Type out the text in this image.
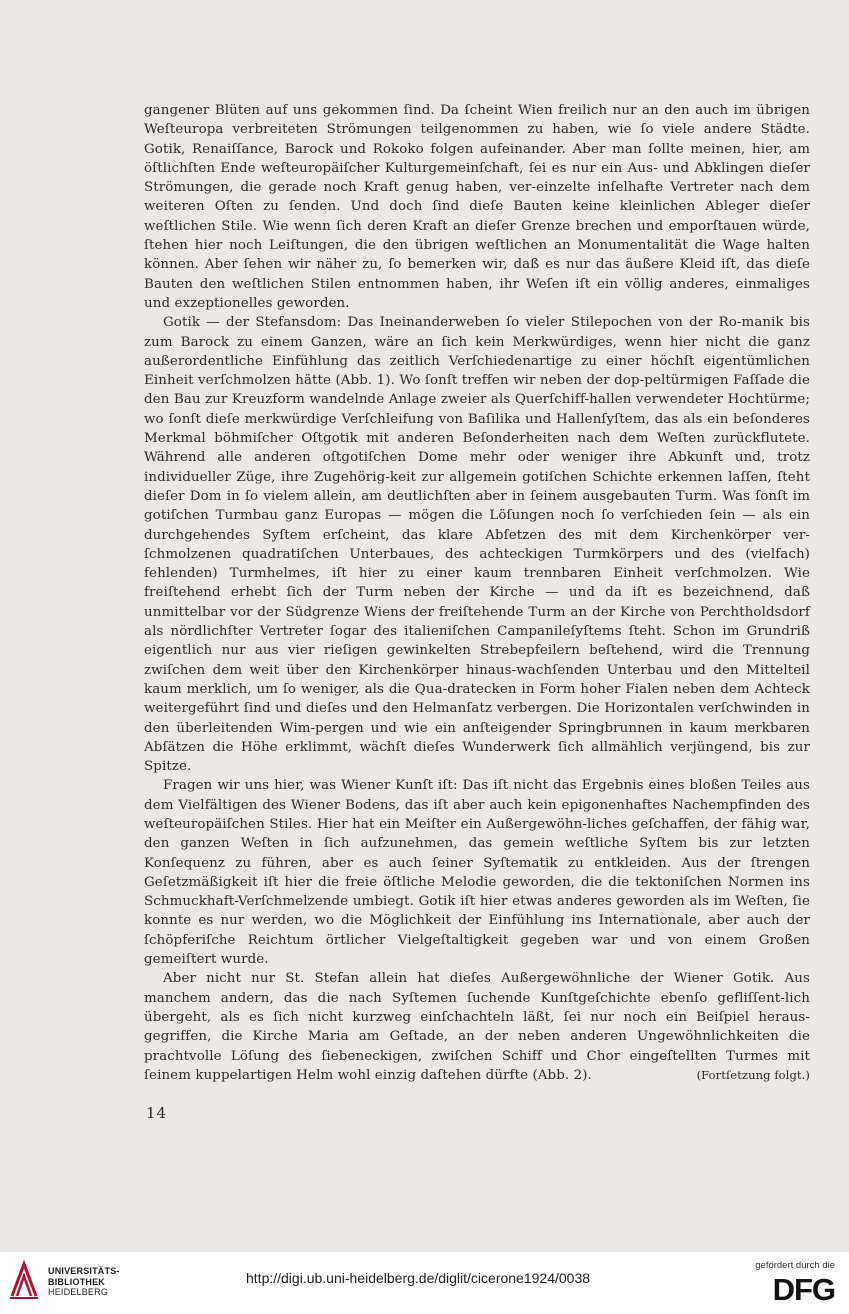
gangener Blüten auf uns gekommen ſind. Da ſcheint Wien freilich nur an den auch im übrigen Weſteuropa verbreiteten Strömungen teilgenommen zu haben, wie ſo viele andere Städte. Gotik, Renaiſſance, Barock und Rokoko folgen aufeinander. Aber man ſollte meinen, hier, am öſtlichſten Ende weſteuropäiſcher Kulturgemeinſchaft, ſei es nur ein Aus- und Abklingen dieſer Strömungen, die gerade noch Kraft genug haben, ver-einzelte inſelhafte Vertreter nach dem weiteren Oſten zu ſenden. Und doch ſind dieſe Bauten keine kleinlichen Ableger dieſer weſtlichen Stile. Wie wenn ſich deren Kraft an dieſer Grenze brechen und emporſtauen würde, ſtehen hier noch Leiſtungen, die den übrigen weſtlichen an Monumentalität die Wage halten können. Aber ſehen wir näher zu, ſo bemerken wir, daß es nur das äußere Kleid iſt, das dieſe Bauten den weſtlichen Stilen entnommen haben, ihr Weſen iſt ein völlig anderes, einmaliges und exzeptionelles geworden.

Gotik — der Stefansdom: Das Ineinanderweben ſo vieler Stilepochen von der Ro-manik bis zum Barock zu einem Ganzen, wäre an ſich kein Merkwürdiges, wenn hier nicht die ganz außerordentliche Einfühlung das zeitlich Verſchiedenartige zu einer höchſt eigentümlichen Einheit verſchmolzen hätte (Abb. 1). Wo ſonſt treffen wir neben der dop-peltürmigen Faſſade die den Bau zur Kreuzform wandelnde Anlage zweier als Querſchiff-hallen verwendeter Hochtürme; wo ſonſt dieſe merkwürdige Verſchleifung von Baſilika und Hallenſyſtem, das als ein beſonderes Merkmal böhmiſcher Oſtgotik mit anderen Beſonderheiten nach dem Weſten zurückflutete. Während alle anderen oſtgotiſchen Dome mehr oder weniger ihre Abkunft und, trotz individueller Züge, ihre Zugehörig-keit zur allgemein gotiſchen Schichte erkennen laſſen, ſteht dieſer Dom in ſo vielem allein, am deutlichſten aber in ſeinem ausgebauten Turm. Was ſonſt im gotiſchen Turmbau ganz Europas — mögen die Löſungen noch ſo verſchieden ſein — als ein durchgehendes Syſtem erſcheint, das klare Abſetzen des mit dem Kirchenkörper ver-ſchmolzenen quadratiſchen Unterbaues, des achteckigen Turmkörpers und des (vielfach) fehlenden) Turmhelmes, iſt hier zu einer kaum trennbaren Einheit verſchmolzen. Wie freiſtehend erhebt ſich der Turm neben der Kirche — und da iſt es bezeichnend, daß unmittelbar vor der Südgrenze Wiens der freiſtehende Turm an der Kirche von Perchtholdsdorf als nördlichſter Vertreter ſogar des italieniſchen Campanileſyſtems ſteht. Schon im Grundriß eigentlich nur aus vier rieſigen gewinkelten Strebepfeilern beſtehend, wird die Trennung zwiſchen dem weit über den Kirchenkörper hinaus-wachſenden Unterbau und den Mittelteil kaum merklich, um ſo weniger, als die Qua-dratecken in Form hoher Fialen neben dem Achteck weitergeführt ſind und dieſes und den Helmanſatz verbergen. Die Horizontalen verſchwinden in den überleitenden Wim-pergen und wie ein anſteigender Springbrunnen in kaum merkbaren Abſätzen die Höhe erklimmt, wächſt dieſes Wunderwerk ſich allmählich verjüngend, bis zur Spitze.

Fragen wir uns hier, was Wiener Kunſt iſt: Das iſt nicht das Ergebnis eines bloßen Teiles aus dem Vielfältigen des Wiener Bodens, das iſt aber auch kein epigonenhaftes Nachempfinden des weſteuropäiſchen Stiles. Hier hat ein Meiſter ein Außergewöhn-liches geſchaffen, der fähig war, den ganzen Weſten in ſich aufzunehmen, das gemein weſtliche Syſtem bis zur letzten Konſequenz zu führen, aber es auch ſeiner Syſtematik zu entkleiden. Aus der ſtrengen Geſetzmäßigkeit iſt hier die freie öſtliche Melodie geworden, die die tektoniſchen Normen ins Schmuckhaft-Verſchmelzende umbiegt. Gotik iſt hier etwas anderes geworden als im Weſten, ſie konnte es nur werden, wo die Möglichkeit der Einfühlung ins Internationale, aber auch der ſchöpferiſche Reichtum örtlicher Vielgeſtaltigkeit gegeben war und von einem Großen gemeiſtert wurde.

Aber nicht nur St. Stefan allein hat dieſes Außergewöhnliche der Wiener Gotik. Aus manchem andern, das die nach Syſtemen ſuchende Kunſtgeſchichte ebenſo gefliſſent-lich übergeht, als es ſich nicht kurzweg einſchachteln läßt, ſei nur noch ein Beiſpiel heraus-gegriffen, die Kirche Maria am Geſtade, an der neben anderen Ungewöhnlichkeiten die prachtvolle Löſung des ſiebeneckigen, zwiſchen Schiff und Chor eingeſtellten Turmes mit ſeinem kuppelartigen Helm wohl einzig daſtehen dürfte (Abb. 2).	(Fortſetzung folgt.)

14
UNIVERSITÄTS-
BIBLIOTHEK
HEIDELBERG
http://digi.ub.uni-heidelberg.de/diglit/cicerone1924/0038
gefördert durch die
DFG
